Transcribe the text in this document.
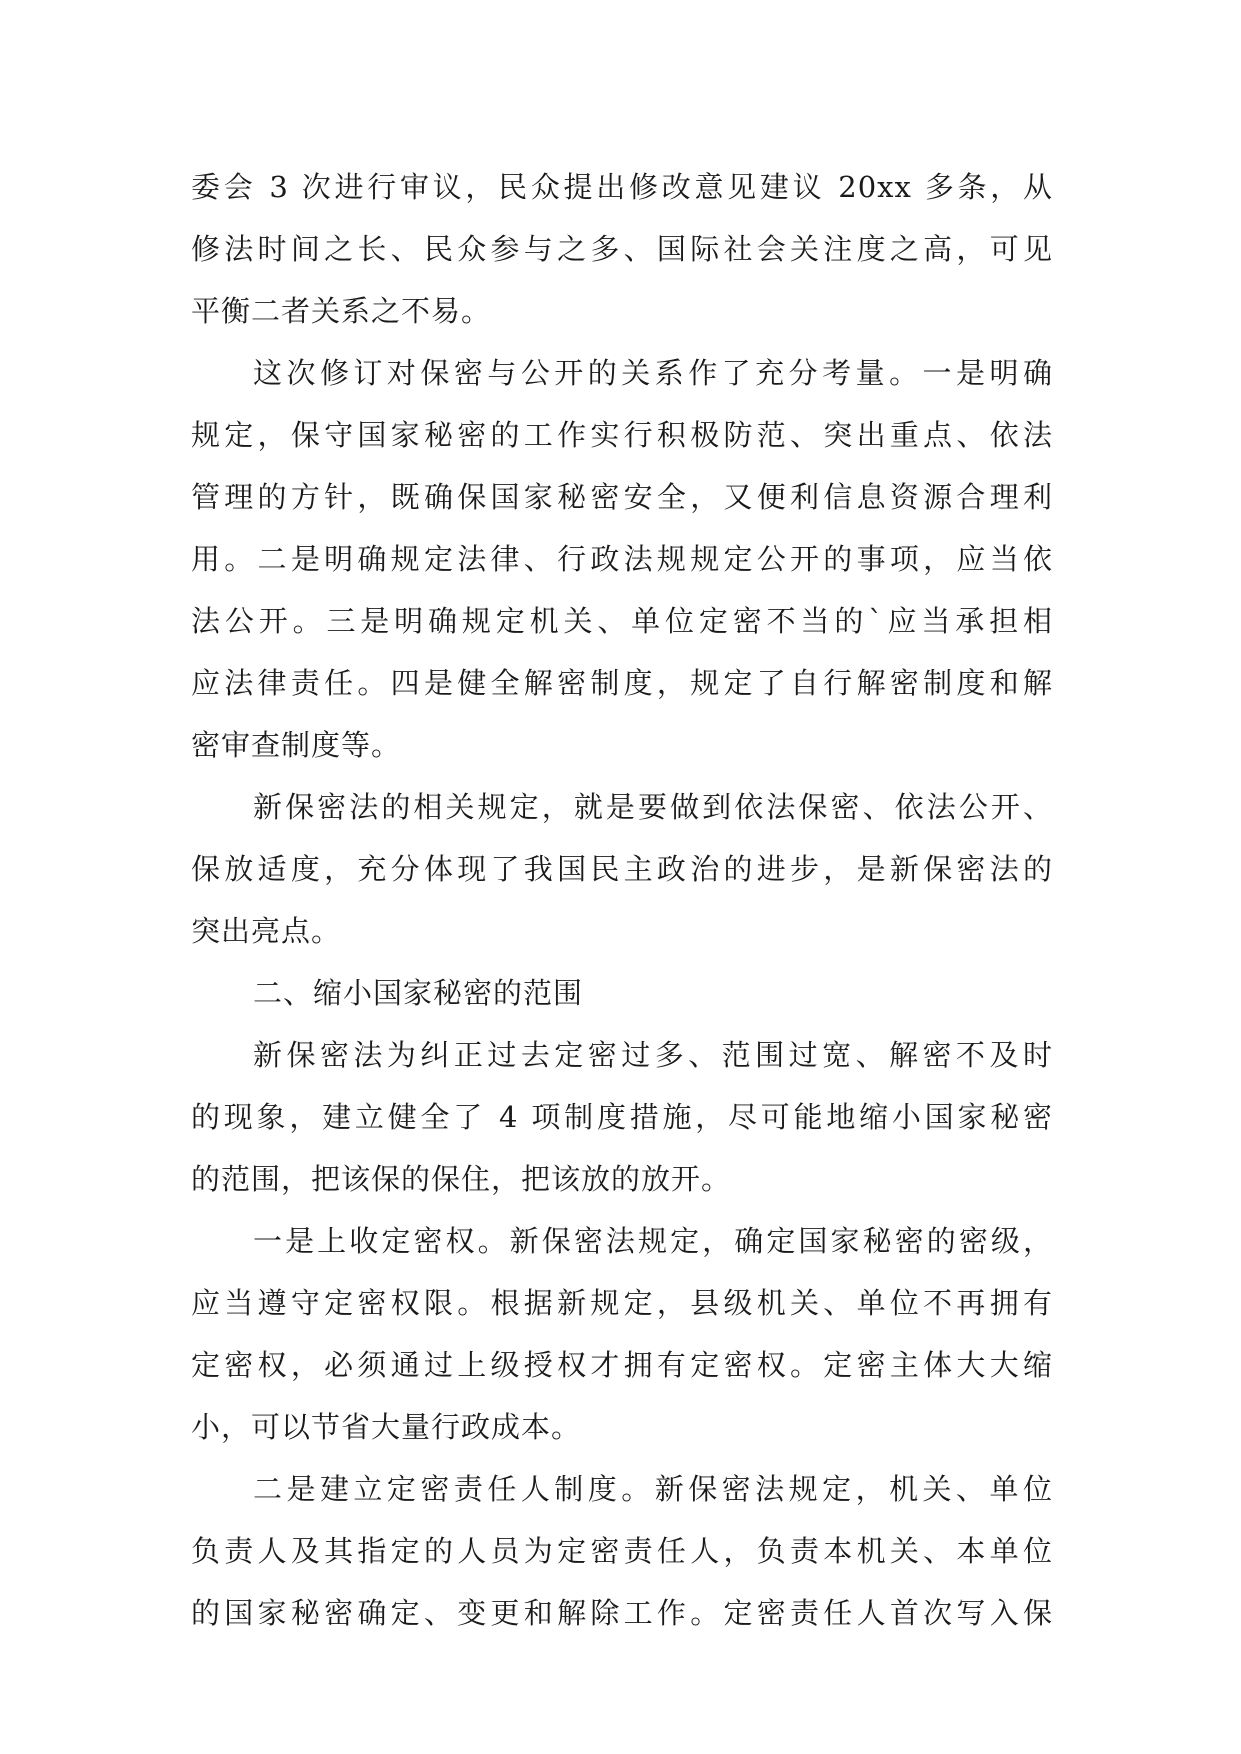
委会 3 次进行审议，民众提出修改意见建议 20xx 多条，从
修法时间之长、民众参与之多、国际社会关注度之高，可见
平衡二者关系之不易。
这次修订对保密与公开的关系作了充分考量。一是明确
规定，保守国家秘密的工作实行积极防范、突出重点、依法
管理的方针，既确保国家秘密安全，又便利信息资源合理利
用。二是明确规定法律、行政法规规定公开的事项，应当依
法公开。三是明确规定机关、单位定密不当的`应当承担相
应法律责任。四是健全解密制度，规定了自行解密制度和解
密审查制度等。
新保密法的相关规定，就是要做到依法保密、依法公开、
保放适度，充分体现了我国民主政治的进步，是新保密法的
突出亮点。
二、缩小国家秘密的范围
新保密法为纠正过去定密过多、范围过宽、解密不及时
的现象，建立健全了 4 项制度措施，尽可能地缩小国家秘密
的范围，把该保的保住，把该放的放开。
一是上收定密权。新保密法规定，确定国家秘密的密级，
应当遵守定密权限。根据新规定，县级机关、单位不再拥有
定密权，必须通过上级授权才拥有定密权。定密主体大大缩
小，可以节省大量行政成本。
二是建立定密责任人制度。新保密法规定，机关、单位
负责人及其指定的人员为定密责任人，负责本机关、本单位
的国家秘密确定、变更和解除工作。定密责任人首次写入保
